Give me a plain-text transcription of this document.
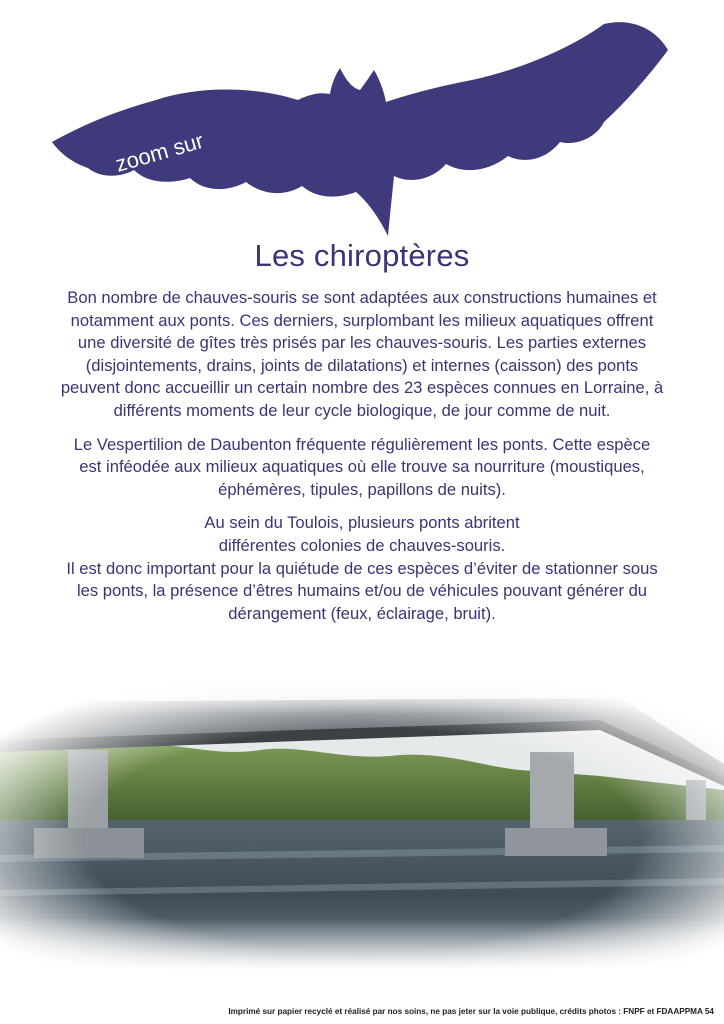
zoom sur
Les chiroptères

Bon nombre de chauves-souris se sont adaptées aux constructions humaines et
notamment aux ponts. Ces derniers, surplombant les milieux aquatiques offrent
une diversité de gîtes très prisés par les chauves-souris. Les parties externes
(disjointements, drains, joints de dilatations) et internes (caisson) des ponts
peuvent donc accueillir un certain nombre des 23 espèces connues en Lorraine, à
différents moments de leur cycle biologique, de jour comme de nuit.

Le Vespertilion de Daubenton fréquente régulièrement les ponts. Cette espèce
est inféodée aux milieux aquatiques où elle trouve sa nourriture (moustiques,
éphémères, tipules, papillons de nuits).

Au sein du Toulois, plusieurs ponts abritent
différentes colonies de chauves-souris.
Il est donc important pour la quiétude de ces espèces d’éviter de stationner sous
les ponts, la présence d’êtres humains et/ou de véhicules pouvant générer du
dérangement (feux, éclairage, bruit).

Imprimé sur papier recyclé et réalisé par nos soins, ne pas jeter sur la voie publique, crédits photos : FNPF et FDAAPPMA 54
